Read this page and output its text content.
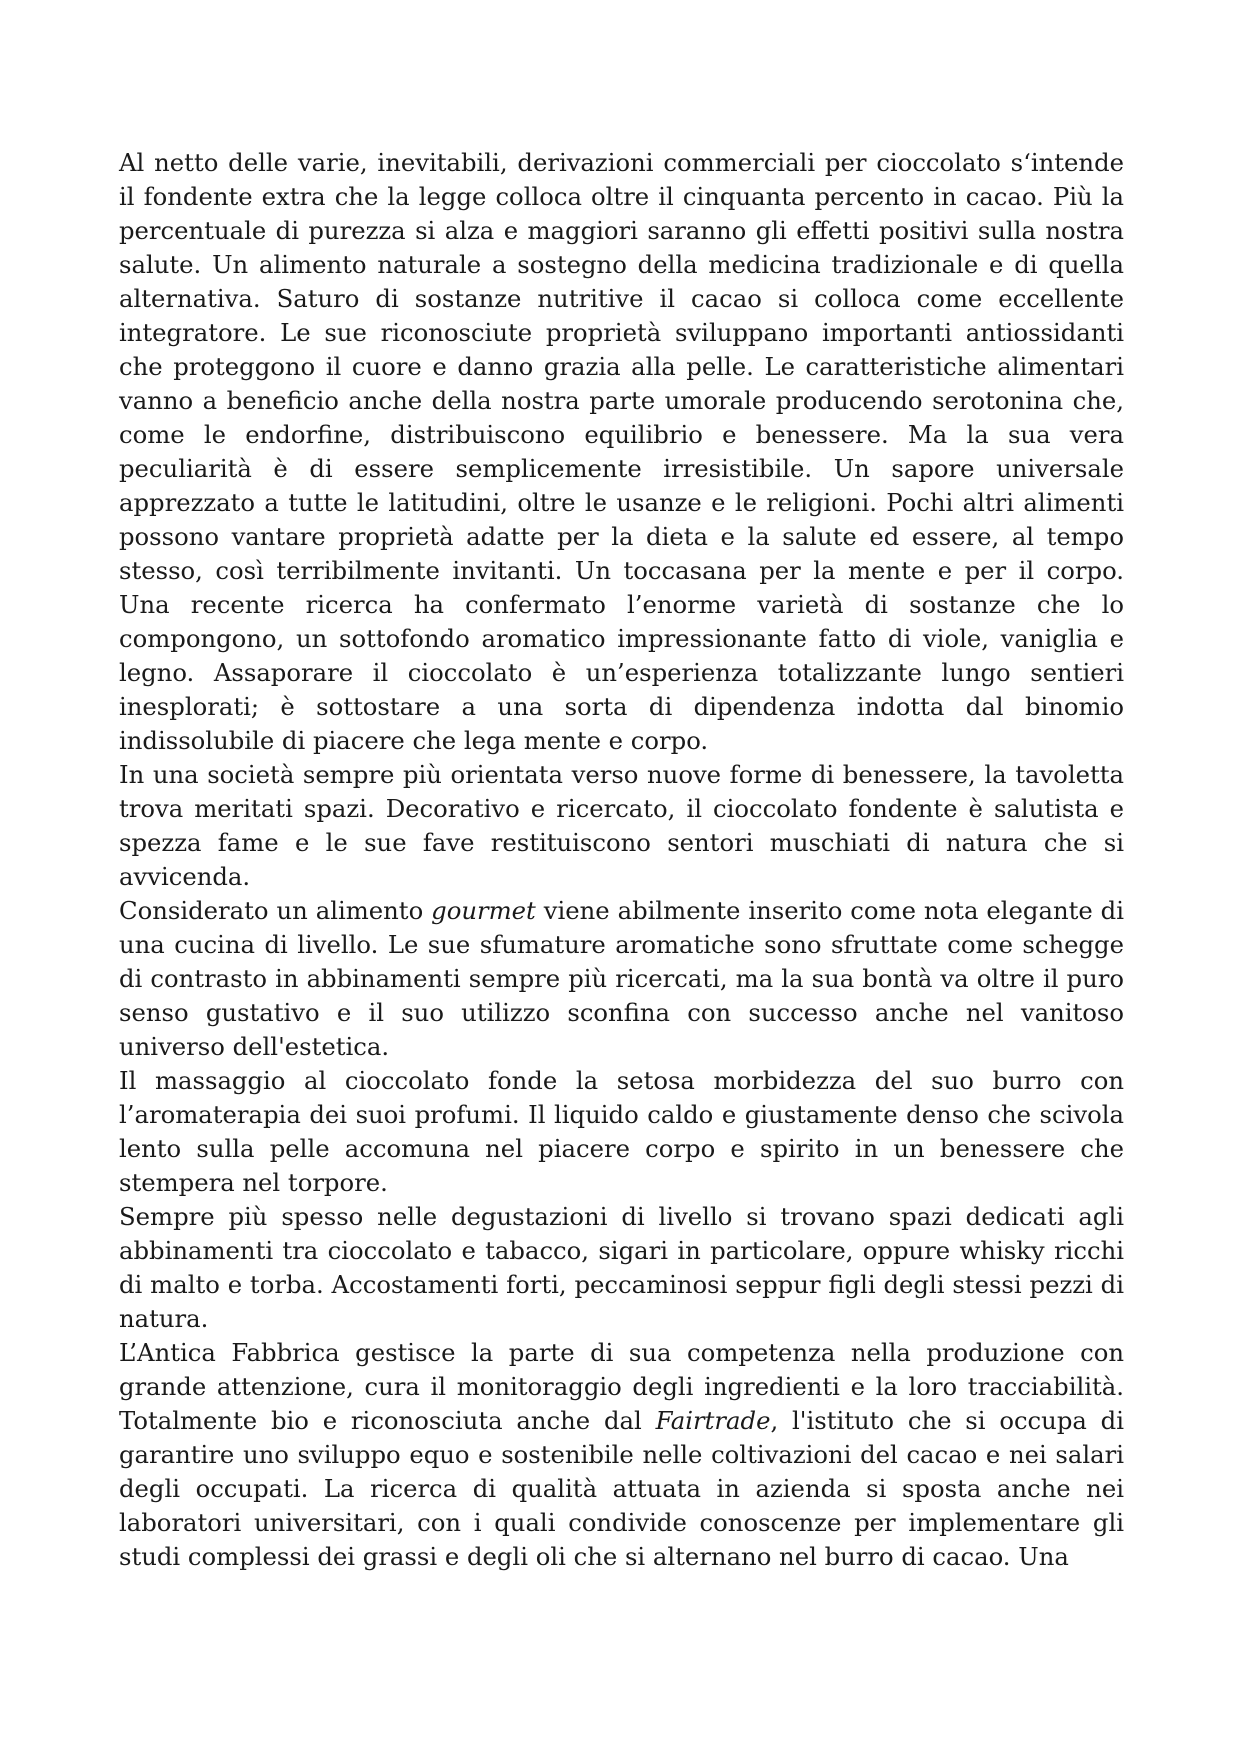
Al netto delle varie, inevitabili, derivazioni commerciali per cioccolato s‘intende il fondente extra che la legge colloca oltre il cinquanta percento in cacao. Più la percentuale di purezza si alza e maggiori saranno gli effetti positivi sulla nostra salute. Un alimento naturale a sostegno della medicina tradizionale e di quella alternativa. Saturo di sostanze nutritive il cacao si colloca come eccellente integratore. Le sue riconosciute proprietà sviluppano importanti antiossidanti che proteggono il cuore e danno grazia alla pelle. Le caratteristiche alimentari vanno a beneficio anche della nostra parte umorale producendo serotonina che, come le endorfine, distribuiscono equilibrio e benessere. Ma la sua vera peculiarità è di essere semplicemente irresistibile. Un sapore universale apprezzato a tutte le latitudini, oltre le usanze e le religioni. Pochi altri alimenti possono vantare proprietà adatte per la dieta e la salute ed essere, al tempo stesso, così terribilmente invitanti. Un toccasana per la mente e per il corpo. Una recente ricerca ha confermato l’enorme varietà di sostanze che lo compongono, un sottofondo aromatico impressionante fatto di viole, vaniglia e legno. Assaporare il cioccolato è un’esperienza totalizzante lungo sentieri inesplorati; è sottostare a una sorta di dipendenza indotta dal binomio indissolubile di piacere che lega mente e corpo.

In una società sempre più orientata verso nuove forme di benessere, la tavoletta trova meritati spazi. Decorativo e ricercato, il cioccolato fondente è salutista e spezza fame e le sue fave restituiscono sentori muschiati di natura che si avvicenda.

Considerato un alimento gourmet viene abilmente inserito come nota elegante di una cucina di livello. Le sue sfumature aromatiche sono sfruttate come schegge di contrasto in abbinamenti sempre più ricercati, ma la sua bontà va oltre il puro senso gustativo e il suo utilizzo sconfina con successo anche nel vanitoso universo dell'estetica.

Il massaggio al cioccolato fonde la setosa morbidezza del suo burro con l’aromaterapia dei suoi profumi. Il liquido caldo e giustamente denso che scivola lento sulla pelle accomuna nel piacere corpo e spirito in un benessere che stempera nel torpore.

Sempre più spesso nelle degustazioni di livello si trovano spazi dedicati agli abbinamenti tra cioccolato e tabacco, sigari in particolare, oppure whisky ricchi di malto e torba. Accostamenti forti, peccaminosi seppur figli degli stessi pezzi di natura.

L’Antica Fabbrica gestisce la parte di sua competenza nella produzione con grande attenzione, cura il monitoraggio degli ingredienti e la loro tracciabilità. Totalmente bio e riconosciuta anche dal Fairtrade, l'istituto che si occupa di garantire uno sviluppo equo e sostenibile nelle coltivazioni del cacao e nei salari degli occupati. La ricerca di qualità attuata in azienda si sposta anche nei laboratori universitari, con i quali condivide conoscenze per implementare gli studi complessi dei grassi e degli oli che si alternano nel burro di cacao. Una
